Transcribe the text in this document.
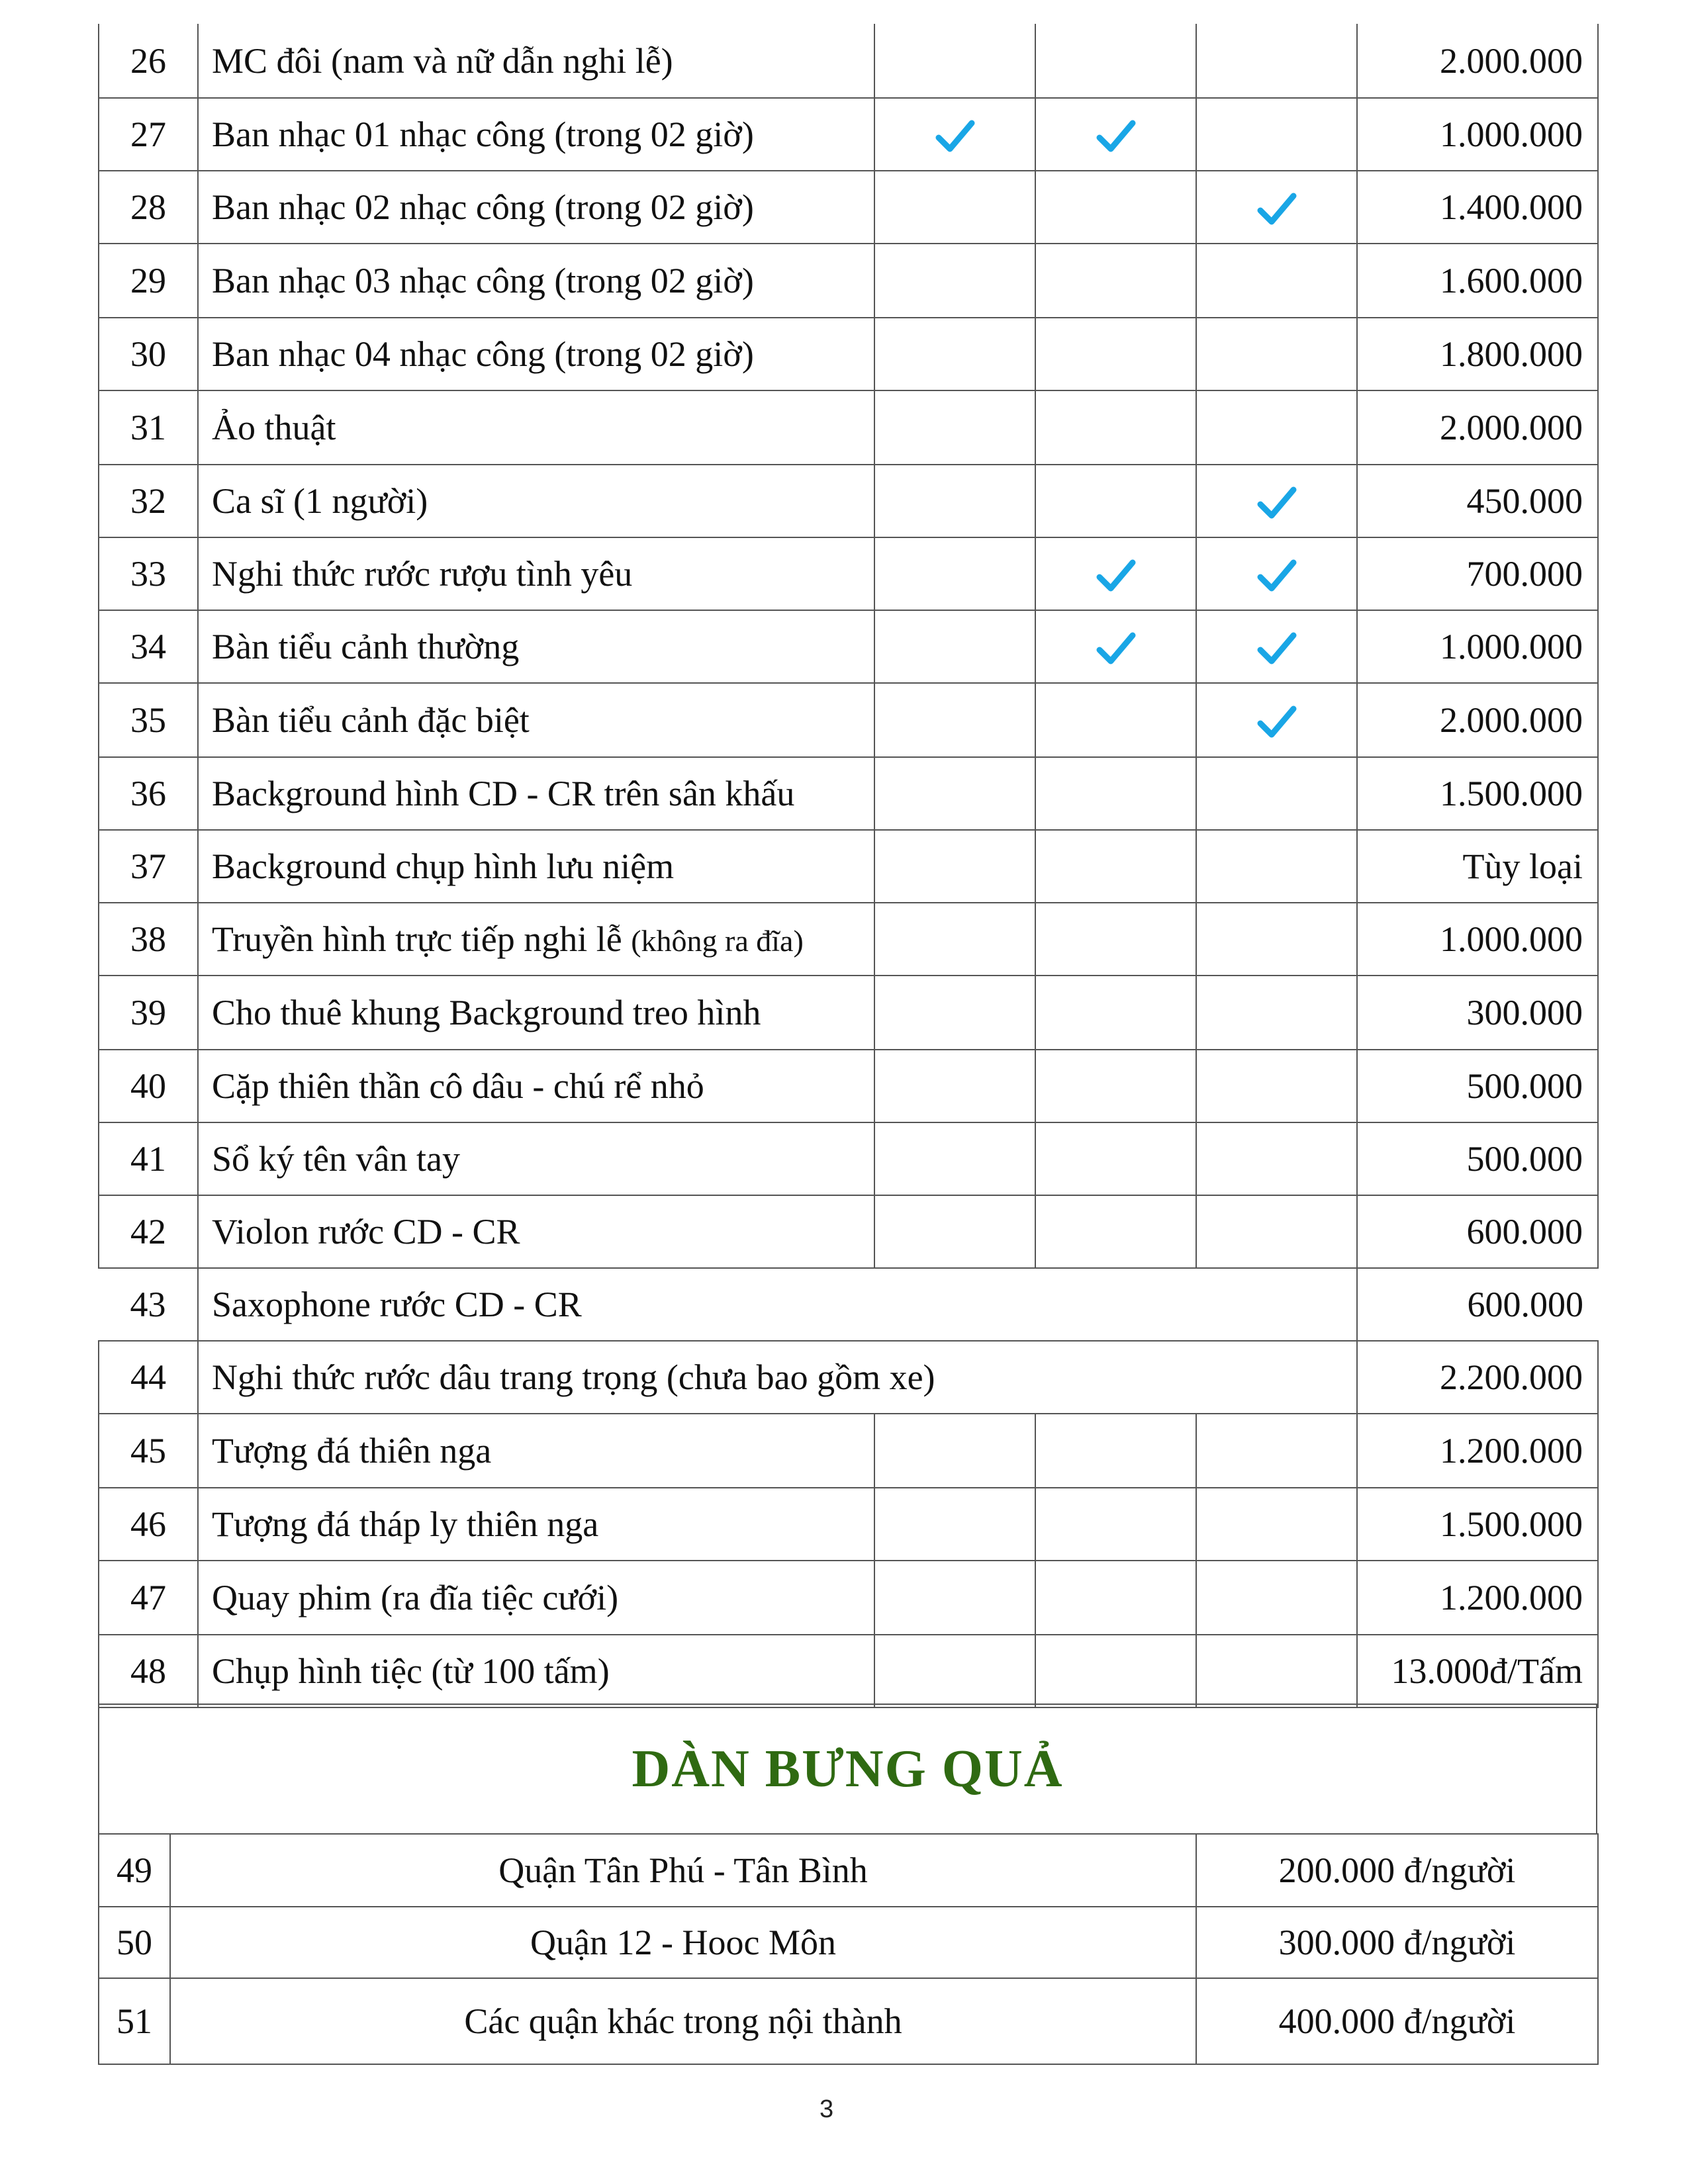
26	MC đôi (nam và nữ dẫn nghi lễ)				2.000.000
27	Ban nhạc 01 nhạc công (trong 02 giờ)				1.000.000
28	Ban nhạc 02 nhạc công (trong 02 giờ)				1.400.000
29	Ban nhạc 03 nhạc công (trong 02 giờ)				1.600.000
30	Ban nhạc 04 nhạc công (trong 02 giờ)				1.800.000
31	Ảo thuật				2.000.000
32	Ca sĩ (1 người)				450.000
33	Nghi thức rước rượu tình yêu				700.000
34	Bàn tiểu cảnh thường				1.000.000
35	Bàn tiểu cảnh đặc biệt				2.000.000
36	Background hình CD - CR trên sân khấu				1.500.000
37	Background chụp hình lưu niệm				Tùy loại
38	Truyền hình trực tiếp nghi lễ (không ra đĩa)				1.000.000
39	Cho thuê khung Background treo hình				300.000
40	Cặp thiên thần cô dâu - chú rể nhỏ				500.000
41	Sổ ký tên vân tay				500.000
42	Violon rước CD - CR				600.000
43	Saxophone rước CD - CR				600.000
44	Nghi thức rước dâu trang trọng (chưa bao gồm xe)				2.200.000
45	Tượng đá thiên nga				1.200.000
46	Tượng đá tháp ly thiên nga				1.500.000
47	Quay phim (ra đĩa tiệc cưới)				1.200.000
48	Chụp hình tiệc (từ 100 tấm)				13.000đ/Tấm
DÀN BƯNG QUẢ
49	Quận Tân Phú - Tân Bình	200.000 đ/người
50	Quận 12 - Hooc Môn	300.000 đ/người
51	Các quận khác trong nội thành	400.000 đ/người
3
